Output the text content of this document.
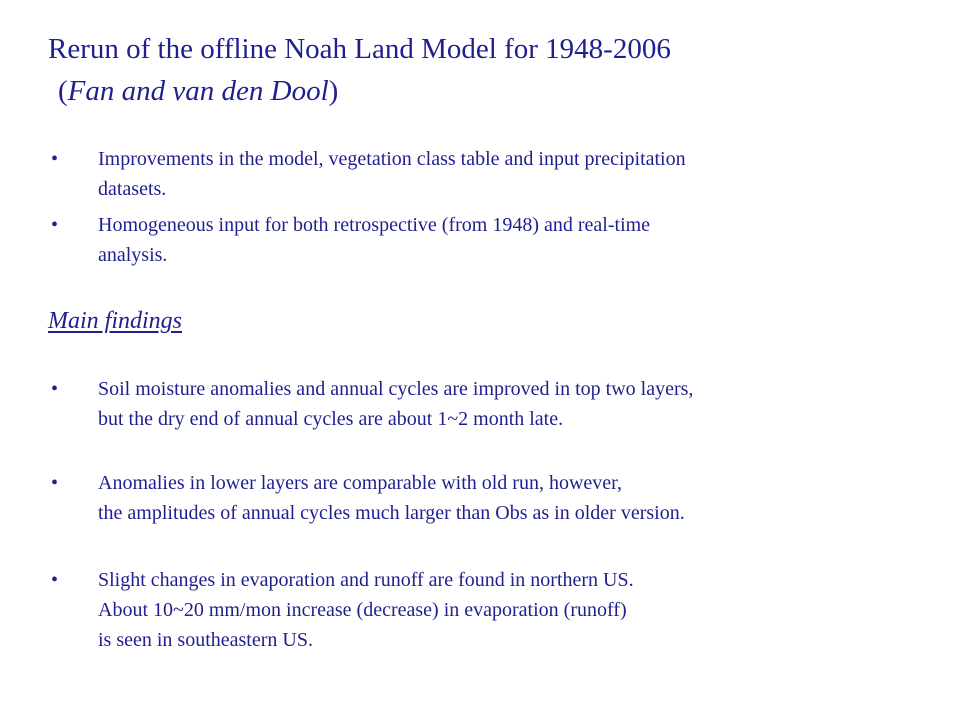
Rerun of the offline Noah Land Model for 1948-2006
(Fan and van den Dool)
• Improvements in the model, vegetation class table and input precipitation
datasets.
• Homogeneous input for both retrospective (from 1948) and real-time
analysis.
Main findings
• Soil moisture anomalies and annual cycles are improved in top two layers,
but the dry end of annual cycles are about 1~2 month late.
• Anomalies in lower layers are comparable with old run, however,
the amplitudes of annual cycles much larger than Obs as in older version.
• Slight changes in evaporation and runoff are found in northern US.
About 10~20 mm/mon increase (decrease) in evaporation (runoff)
is seen in southeastern US.
